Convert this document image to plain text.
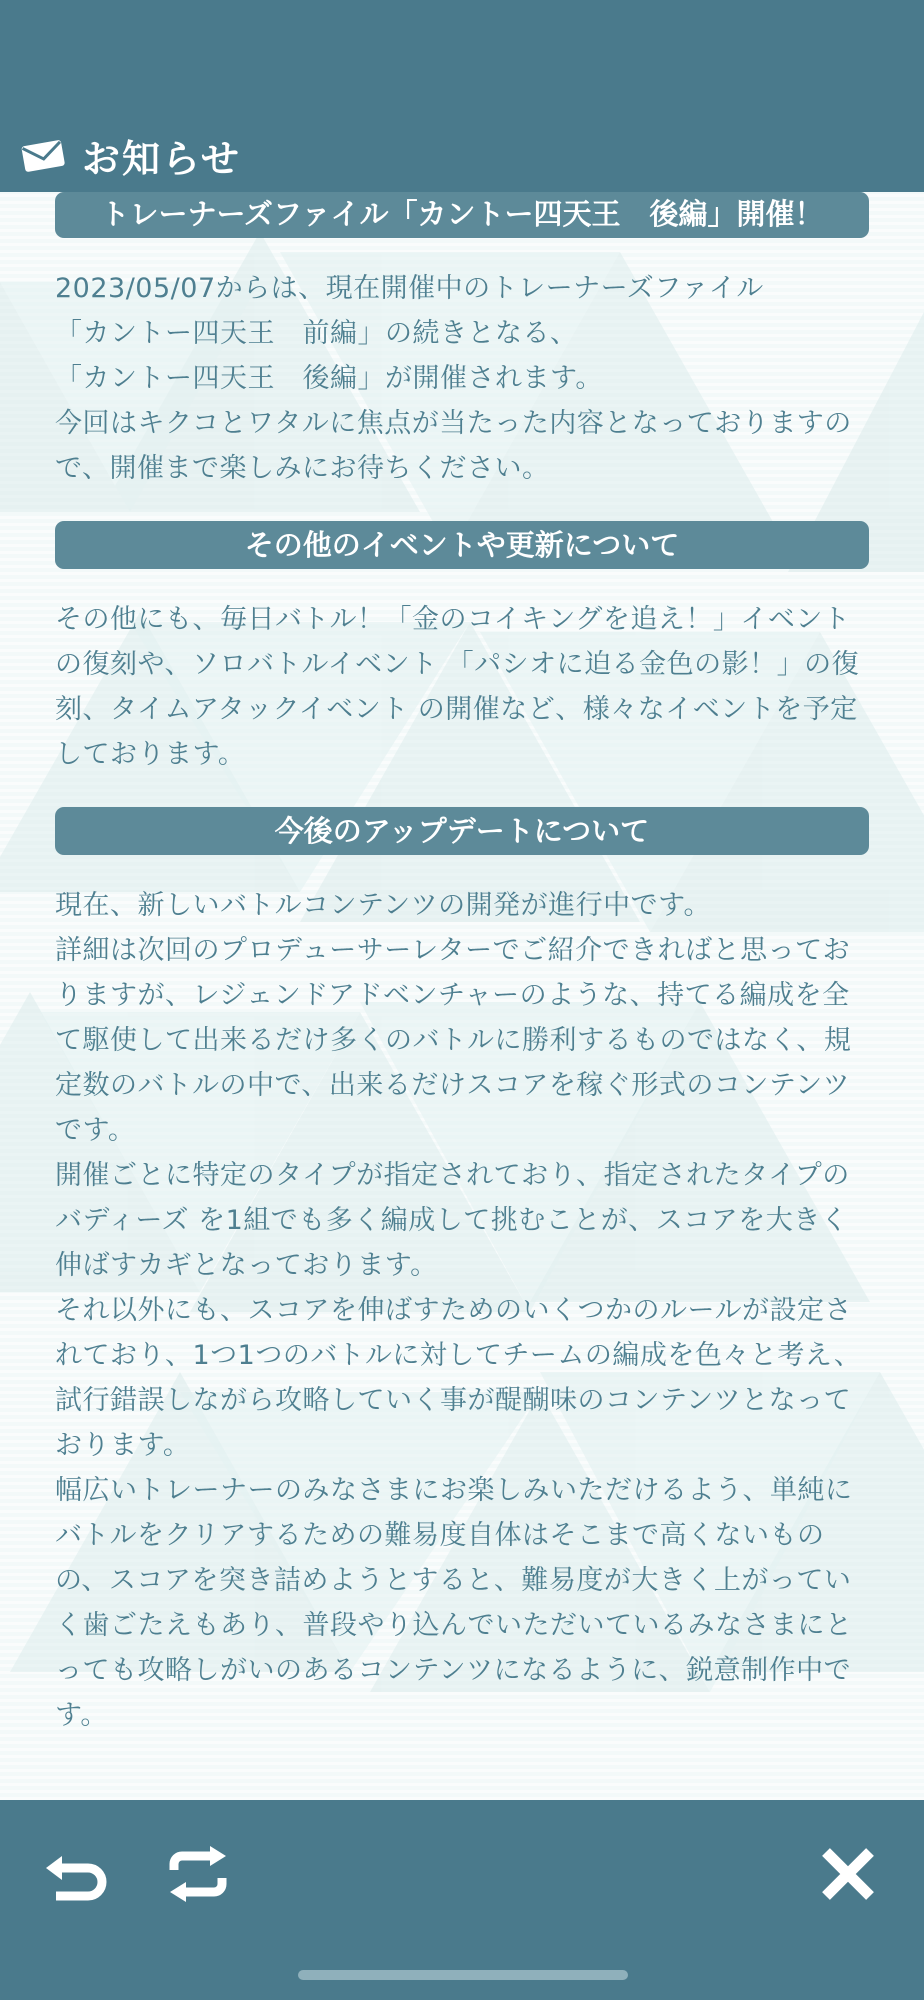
お知らせ
トレーナーズファイル「カントー四天王　後編」開催！
2023/05/07からは、現在開催中のトレーナーズファイル
「カントー四天王　前編」の続きとなる、
「カントー四天王　後編」が開催されます。
今回はキクコとワタルに焦点が当たった内容となっておりますので、開催まで楽しみにお待ちください。
その他のイベントや更新について
その他にも、毎日バトル！「金のコイキングを追え！」イベントの復刻や、ソロバトルイベント 「パシオに迫る金色の影！」の復刻、タイムアタックイベント の開催など、様々なイベントを予定しております。
今後のアップデートについて
現在、新しいバトルコンテンツの開発が進行中です。
詳細は次回のプロデューサーレターでご紹介できればと思っておりますが、レジェンドアドベンチャーのような、持てる編成を全て駆使して出来るだけ多くのバトルに勝利するものではなく、規定数のバトルの中で、出来るだけスコアを稼ぐ形式のコンテンツです。
開催ごとに特定のタイプが指定されており、指定されたタイプのバディーズ を1組でも多く編成して挑むことが、スコアを大きく伸ばすカギとなっております。
それ以外にも、スコアを伸ばすためのいくつかのルールが設定されており、1つ1つのバトルに対してチームの編成を色々と考え、試行錯誤しながら攻略していく事が醍醐味のコンテンツとなっております。
幅広いトレーナーのみなさまにお楽しみいただけるよう、単純にバトルをクリアするための難易度自体はそこまで高くないものの、スコアを突き詰めようとすると、難易度が大きく上がっていく歯ごたえもあり、普段やり込んでいただいているみなさまにとっても攻略しがいのあるコンテンツになるように、鋭意制作中です。
